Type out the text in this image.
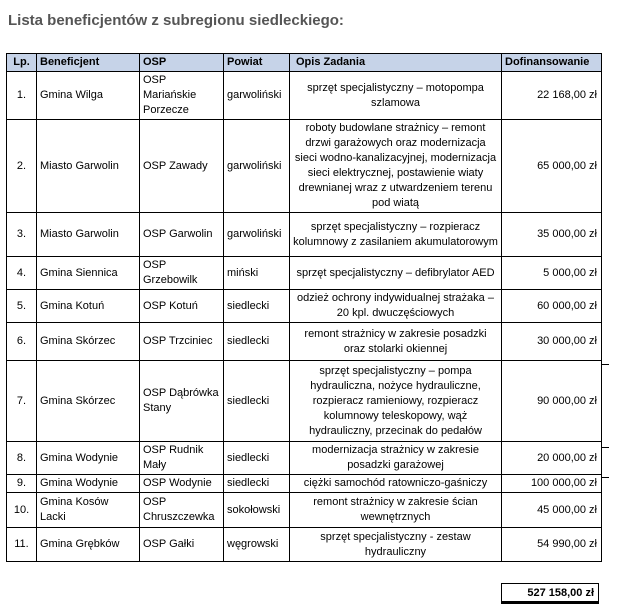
Lista beneficjentów z subregionu siedleckiego:
Lp.	Beneficjent	OSP	Powiat	Opis Zadania	Dofinansowanie
1.	Gmina Wilga	OSP Mariańskie Porzecze	garwoliński	sprzęt specjalistyczny – motopompa szlamowa	22 168,00 zł
2.	Miasto Garwolin	OSP Zawady	garwoliński	roboty budowlane strażnicy – remont drzwi garażowych oraz modernizacja sieci wodno-kanalizacyjnej, modernizacja sieci elektrycznej, postawienie wiaty drewnianej wraz z utwardzeniem terenu pod wiatą	65 000,00 zł
3.	Miasto Garwolin	OSP Garwolin	garwoliński	sprzęt specjalistyczny – rozpieracz kolumnowy z zasilaniem akumulatorowym	35 000,00 zł
4.	Gmina Siennica	OSP Grzebowilk	miński	sprzęt specjalistyczny – defibrylator AED	5 000,00 zł
5.	Gmina Kotuń	OSP Kotuń	siedlecki	odzież ochrony indywidualnej strażaka – 20 kpl. dwuczęściowych	60 000,00 zł
6.	Gmina Skórzec	OSP Trzciniec	siedlecki	remont strażnicy w zakresie posadzki oraz stolarki okiennej	30 000,00 zł
7.	Gmina Skórzec	OSP Dąbrówka Stany	siedlecki	sprzęt specjalistyczny – pompa hydrauliczna, nożyce hydrauliczne, rozpieracz ramieniowy, rozpieracz kolumnowy teleskopowy, wąż hydrauliczny, przecinak do pedałów	90 000,00 zł
8.	Gmina Wodynie	OSP Rudnik Mały	siedlecki	modernizacja strażnicy w zakresie posadzki garażowej	20 000,00 zł
9.	Gmina Wodynie	OSP Wodynie	siedlecki	ciężki samochód ratowniczo-gaśniczy	100 000,00 zł
10.	Gmina Kosów Lacki	OSP Chruszczewka	sokołowski	remont strażnicy w zakresie ścian wewnętrznych	45 000,00 zł
11.	Gmina Grębków	OSP Gałki	węgrowski	sprzęt specjalistyczny - zestaw hydrauliczny	54 990,00 zł
527 158,00 zł
